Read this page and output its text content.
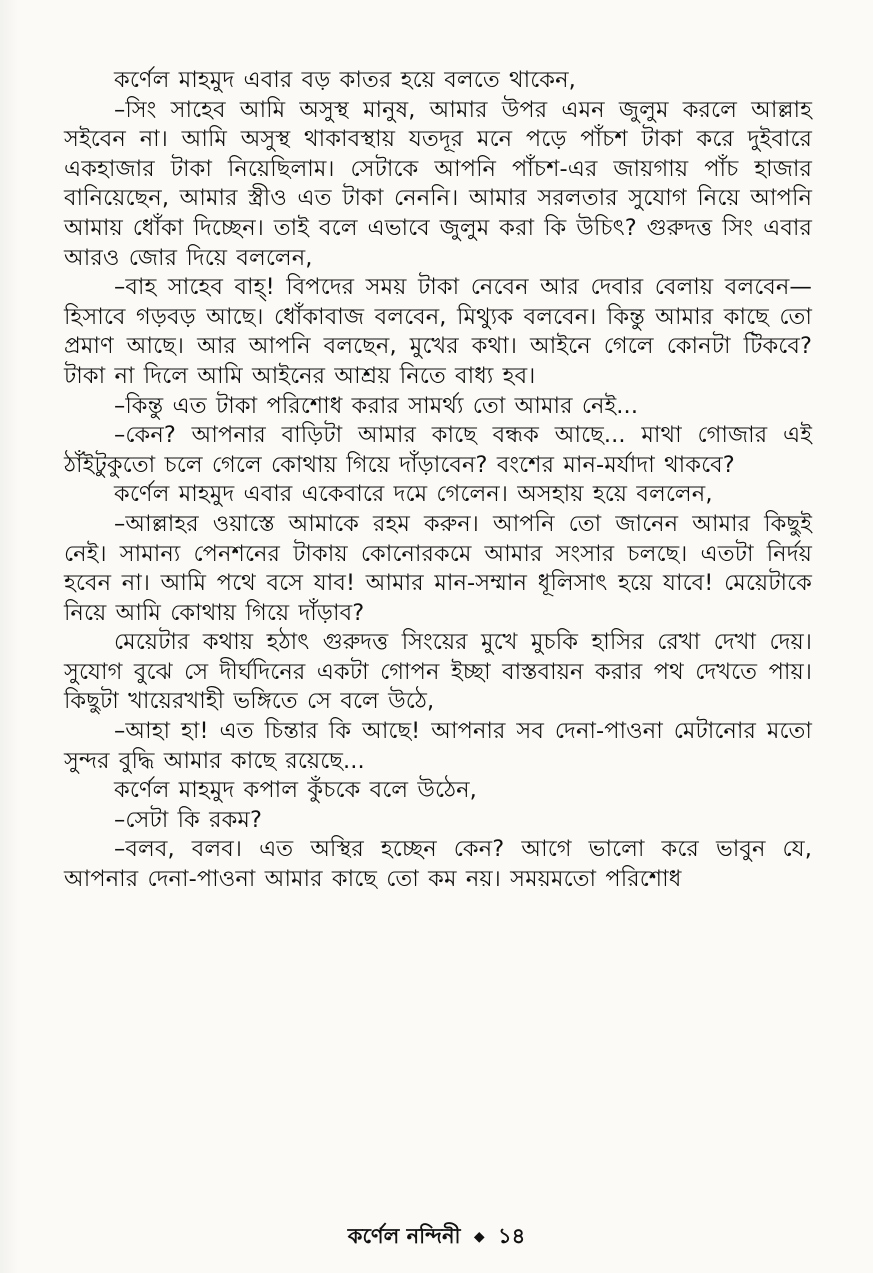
কর্ণেল মাহমুদ এবার বড় কাতর হয়ে বলতে থাকেন,

–সিং সাহেব আমি অসুস্থ মানুষ, আমার উপর এমন জুলুম করলে আল্লাহ সইবেন না। আমি অসুস্থ থাকাবস্থায় যতদূর মনে পড়ে পাঁচশ টাকা করে দুইবারে একহাজার টাকা নিয়েছিলাম। সেটাকে আপনি পাঁচশ-এর জায়গায় পাঁচ হাজার বানিয়েছেন, আমার স্ত্রীও এত টাকা নেননি। আমার সরলতার সুযোগ নিয়ে আপনি আমায় ধোঁকা দিচ্ছেন। তাই বলে এভাবে জুলুম করা কি উচিৎ? গুরুদত্ত সিং এবার আরও জোর দিয়ে বললেন,

–বাহ সাহেব বাহ্! বিপদের সময় টাকা নেবেন আর দেবার বেলায় বলবেন—হিসাবে গড়বড় আছে। ধোঁকাবাজ বলবেন, মিথ্যুক বলবেন। কিন্তু আমার কাছে তো প্রমাণ আছে। আর আপনি বলছেন, মুখের কথা। আইনে গেলে কোনটা টিকবে? টাকা না দিলে আমি আইনের আশ্রয় নিতে বাধ্য হব।

–কিন্তু এত টাকা পরিশোধ করার সামর্থ্য তো আমার নেই...

–কেন? আপনার বাড়িটা আমার কাছে বন্ধক আছে... মাথা গোজার এই ঠাঁইটুকুতো চলে গেলে কোথায় গিয়ে দাঁড়াবেন? বংশের মান-মর্যাদা থাকবে?

কর্ণেল মাহমুদ এবার একেবারে দমে গেলেন। অসহায় হয়ে বললেন,

–আল্লাহর ওয়াস্তে আমাকে রহম করুন। আপনি তো জানেন আমার কিছুই নেই। সামান্য পেনশনের টাকায় কোনোরকমে আমার সংসার চলছে। এতটা নির্দয় হবেন না। আমি পথে বসে যাব! আমার মান-সম্মান ধূলিসাৎ হয়ে যাবে! মেয়েটাকে নিয়ে আমি কোথায় গিয়ে দাঁড়াব?

মেয়েটার কথায় হঠাৎ গুরুদত্ত সিংয়ের মুখে মুচকি হাসির রেখা দেখা দেয়। সুযোগ বুঝে সে দীর্ঘদিনের একটা গোপন ইচ্ছা বাস্তবায়ন করার পথ দেখতে পায়। কিছুটা খায়েরখাহী ভঙ্গিতে সে বলে উঠে,

–আহা হা! এত চিন্তার কি আছে! আপনার সব দেনা-পাওনা মেটানোর মতো সুন্দর বুদ্ধি আমার কাছে রয়েছে...

কর্ণেল মাহমুদ কপাল কুঁচকে বলে উঠেন,

–সেটা কি রকম?

–বলব, বলব। এত অস্থির হচ্ছেন কেন? আগে ভালো করে ভাবুন যে, আপনার দেনা-পাওনা আমার কাছে তো কম নয়। সময়মতো পরিশোধ

কর্ণেল নন্দিনী ◆ ১৪
